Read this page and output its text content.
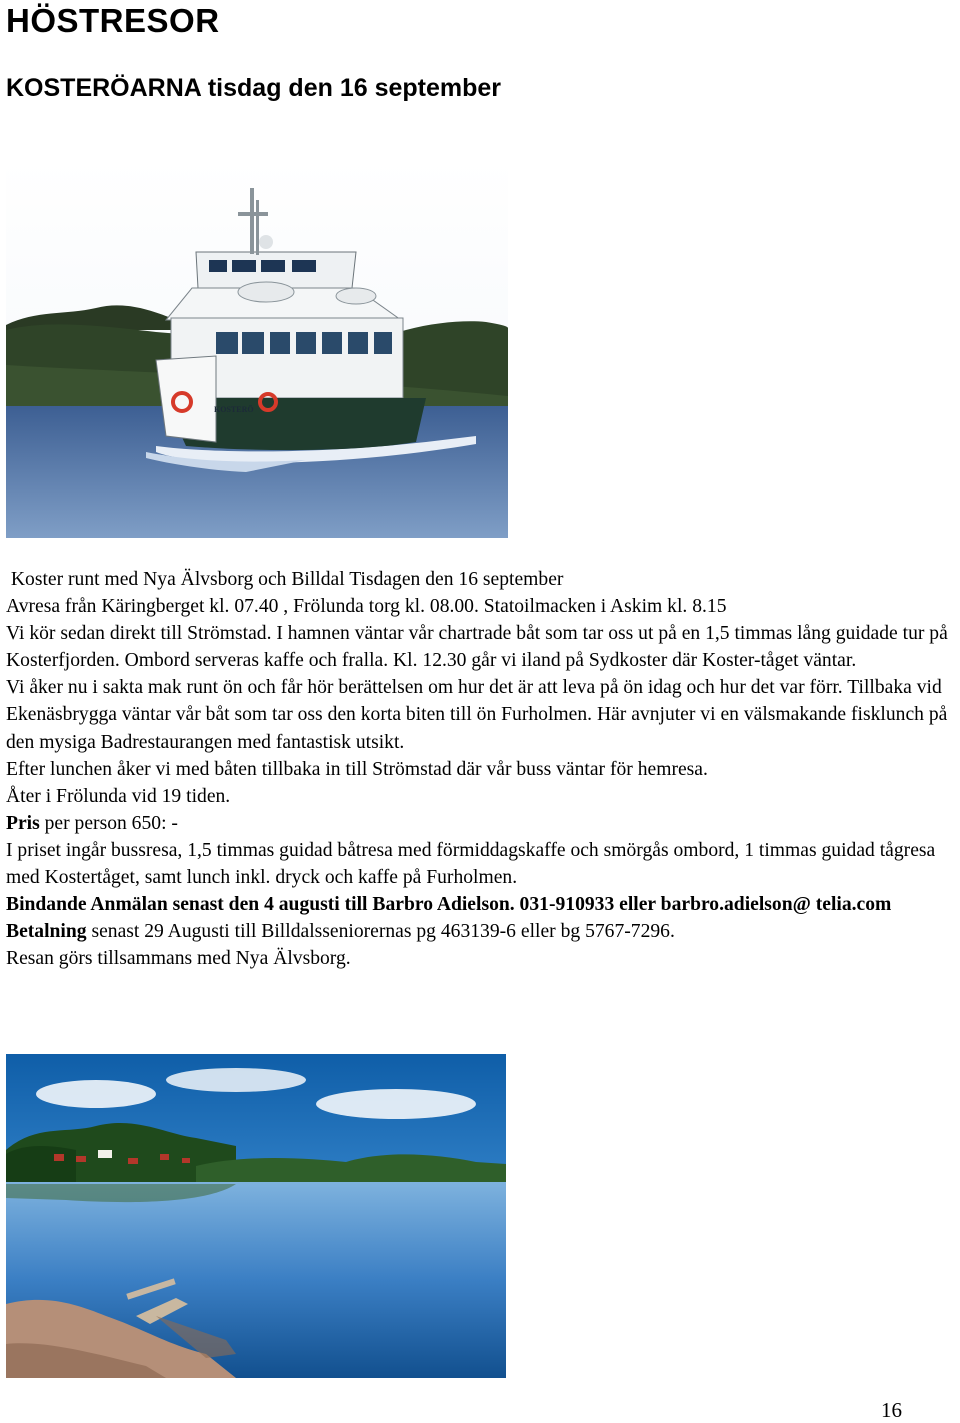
HÖSTRESOR
KOSTERÖARNA tisdag den 16 september
KOSTERÖ

Koster runt med Nya Älvsborg och Billdal Tisdagen den 16 september

Avresa från Käringberget kl. 07.40 , Frölunda torg kl. 08.00. Statoilmacken i Askim kl. 8.15

Vi kör sedan direkt till Strömstad. I hamnen väntar vår chartrade båt som tar oss ut på en 1,5 timmas lång guidade tur på Kosterfjorden. Ombord serveras kaffe och fralla. Kl. 12.30 går vi iland på Sydkoster där Koster-tåget väntar.

Vi åker nu i sakta mak runt ön och får hör berättelsen om hur det är att leva på ön idag och hur det var förr. Tillbaka vid Ekenäsbrygga väntar vår båt som tar oss den korta biten till ön Furholmen. Här avnjuter vi en välsmakande fisklunch på den mysiga Badrestaurangen med fantastisk utsikt.

Efter lunchen åker vi med båten tillbaka in till Strömstad där vår buss väntar för hemresa.

Åter i Frölunda vid 19 tiden.

Pris per person 650: -

I priset ingår bussresa, 1,5 timmas guidad båtresa med förmiddagskaffe och smörgås ombord, 1 timmas guidad tågresa med Kostertåget, samt lunch inkl. dryck och kaffe på Furholmen.

Bindande Anmälan senast den 4 augusti till Barbro Adielson. 031-910933 eller barbro.adielson@ telia.com

Betalning senast 29 Augusti till Billdalsseniorernas pg 463139-6 eller bg 5767-7296.

Resan görs tillsammans med Nya Älvsborg.

16
